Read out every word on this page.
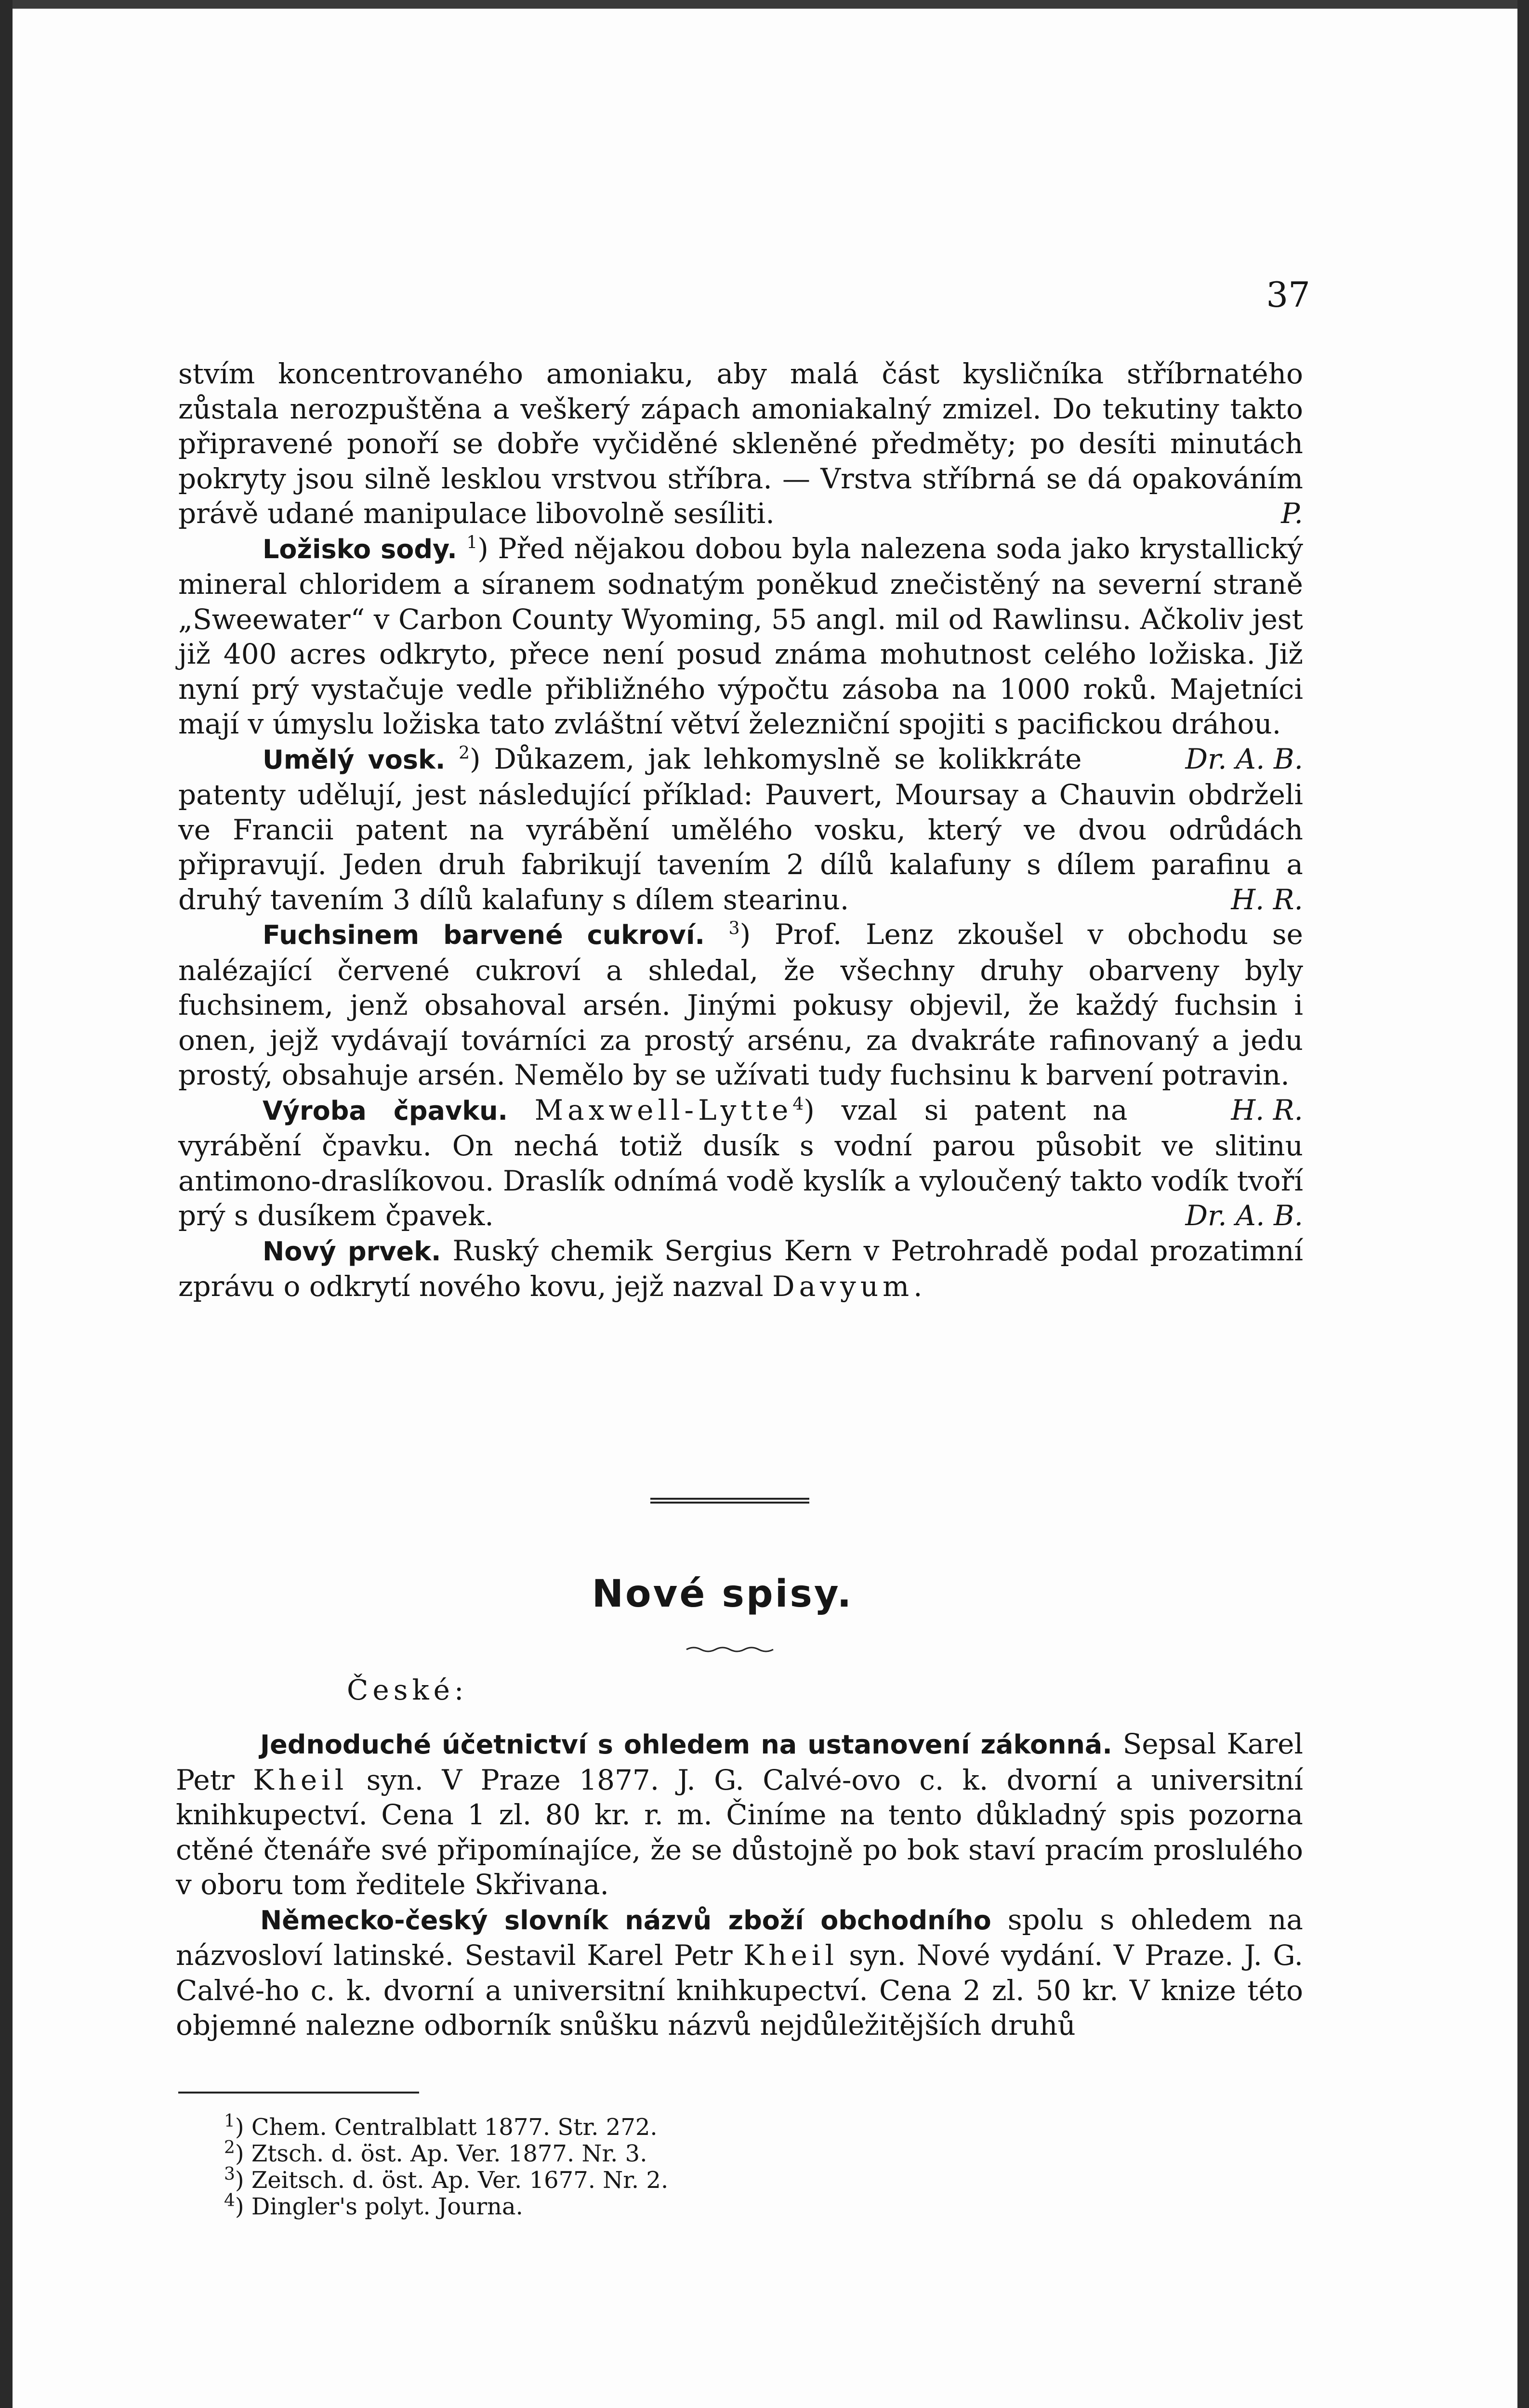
37

stvím koncentrovaného amoniaku, aby malá část kysličníka stříbrnatého zůstala nerozpuštěna a veškerý zápach amoniakalný zmizel. Do tekutiny takto připravené ponoří se dobře vyčiděné skleněné předměty; po desíti minutách pokryty jsou silně lesklou vrstvou stříbra. — Vrstva stříbrná se dá opakováním právě udané manipulace libovolně sesíliti.	P.

Ložisko sody. $^1$) Před nějakou dobou byla nalezena soda jako krystallický mineral chloridem a síranem sodnatým poněkud znečistěný na severní straně „Sweewater“ v Carbon County Wyoming, 55 angl. mil od Rawlinsu. Ačkoliv jest již 400 acres odkryto, přece není posud známa mohutnost celého ložiska. Již nyní prý vystačuje vedle přibližného výpočtu zásoba na 1000 roků. Majetníci mají v úmyslu ložiska tato zvláštní větví železniční spojiti s pacifickou dráhou.
Dr. A. B.

Umělý vosk. $^2$) Důkazem, jak lehkomyslně se kolikkráte patenty udělují, jest následující příklad: Pauvert, Moursay a Chauvin obdrželi ve Francii patent na vyrábění umělého vosku, který ve dvou odrůdách připravují. Jeden druh fabrikují tavením 2 dílů kalafuny s dílem parafinu a druhý tavením 3 dílů kalafuny s dílem stearinu.	H. R.

Fuchsinem barvené cukroví. $^3$) Prof. Lenz zkoušel v obchodu se nalézající červené cukroví a shledal, že všechny druhy obarveny byly fuchsinem, jenž obsahoval arsén. Jinými pokusy objevil, že každý fuchsin i onen, jejž vydávají továrníci za prostý arsénu, za dvakráte rafinovaný a jedu prostý, obsahuje arsén. Nemělo by se užívati tudy fuchsinu k barvení potravin.
H. R.

Výroba čpavku. Maxwell-Lytte$^4$) vzal si patent na vyrábění čpavku. On nechá totiž dusík s vodní parou působit ve slitinu antimono-draslíkovou. Draslík odnímá vodě kyslík a vyloučený takto vodík tvoří prý s dusíkem čpavek.	Dr. A. B.

Nový prvek. Ruský chemik Sergius Kern v Petrohradě podal prozatimní zprávu o odkrytí nového kovu, jejž nazval Davyum.

Nové spisy.
České:

Jednoduché účetnictví s ohledem na ustanovení zákonná. Sepsal Karel Petr Kheil syn. V Praze 1877. J. G. Calvé-ovo c. k. dvorní a universitní knihkupectví. Cena 1 zl. 80 kr. r. m. Činíme na tento důkladný spis pozorna ctěné čtenáře své připomínajíce, že se důstojně po bok staví pracím proslulého v oboru tom ředitele Skřivana.

Německo-český slovník názvů zboží obchodního spolu s ohledem na názvosloví latinské. Sestavil Karel Petr Kheil syn. Nové vydání. V Praze. J. G. Calvé-ho c. k. dvorní a universitní knihkupectví. Cena 2 zl. 50 kr. V knize této objemné nalezne odborník snůšku názvů nejdůležitějších druhů

$^1$) Chem. Centralblatt 1877. Str. 272.

$^2$) Ztsch. d. öst. Ap. Ver. 1877. Nr. 3.

$^3$) Zeitsch. d. öst. Ap. Ver. 1677. Nr. 2.

$^4$) Dingler's polyt. Journa.
